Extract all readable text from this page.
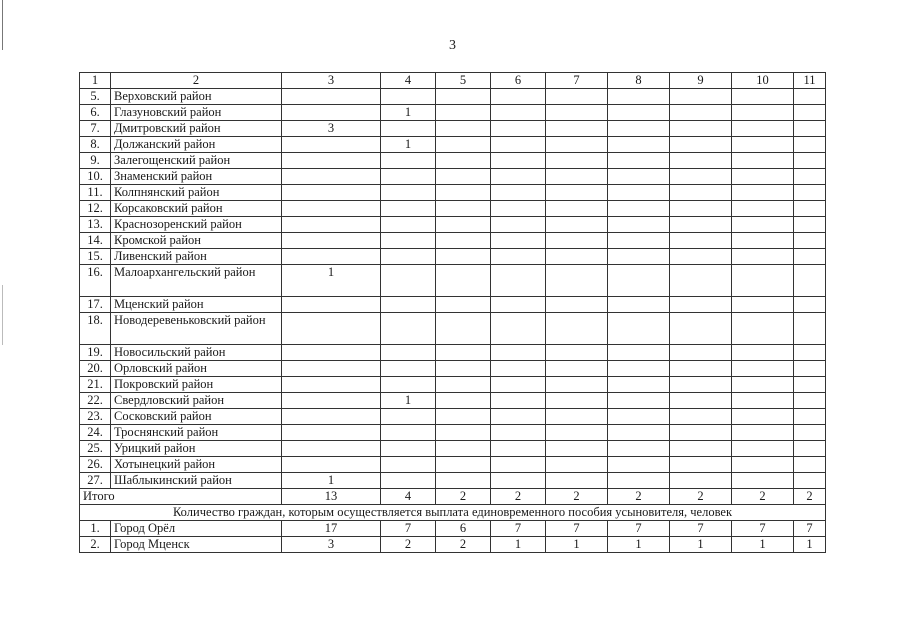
3
1	2	3	4	5	6	7	8	9	10	11
5.	Верховский район									
6.	Глазуновский район		1							
7.	Дмитровский район	3								
8.	Должанский район		1							
9.	Залегощенский район									
10.	Знаменский район									
11.	Колпнянский район									
12.	Корсаковский район									
13.	Краснозоренский район									
14.	Кромской район									
15.	Ливенский район									
16.	Малоархангельский район	1								
17.	Мценский район									
18.	Новодеревеньковский район									
19.	Новосильский район									
20.	Орловский район									
21.	Покровский район									
22.	Свердловский район		1							
23.	Сосковский район									
24.	Троснянский район									
25.	Урицкий район									
26.	Хотынецкий район									
27.	Шаблыкинский район	1								
Итого		13	4	2	2	2	2	2	2	2
Количество граждан, которым осуществляется выплата единовременного пособия усыновителя, человек										
1.	Город Орёл	17	7	6	7	7	7	7	7	7
2.	Город Мценск	3	2	2	1	1	1	1	1	1
